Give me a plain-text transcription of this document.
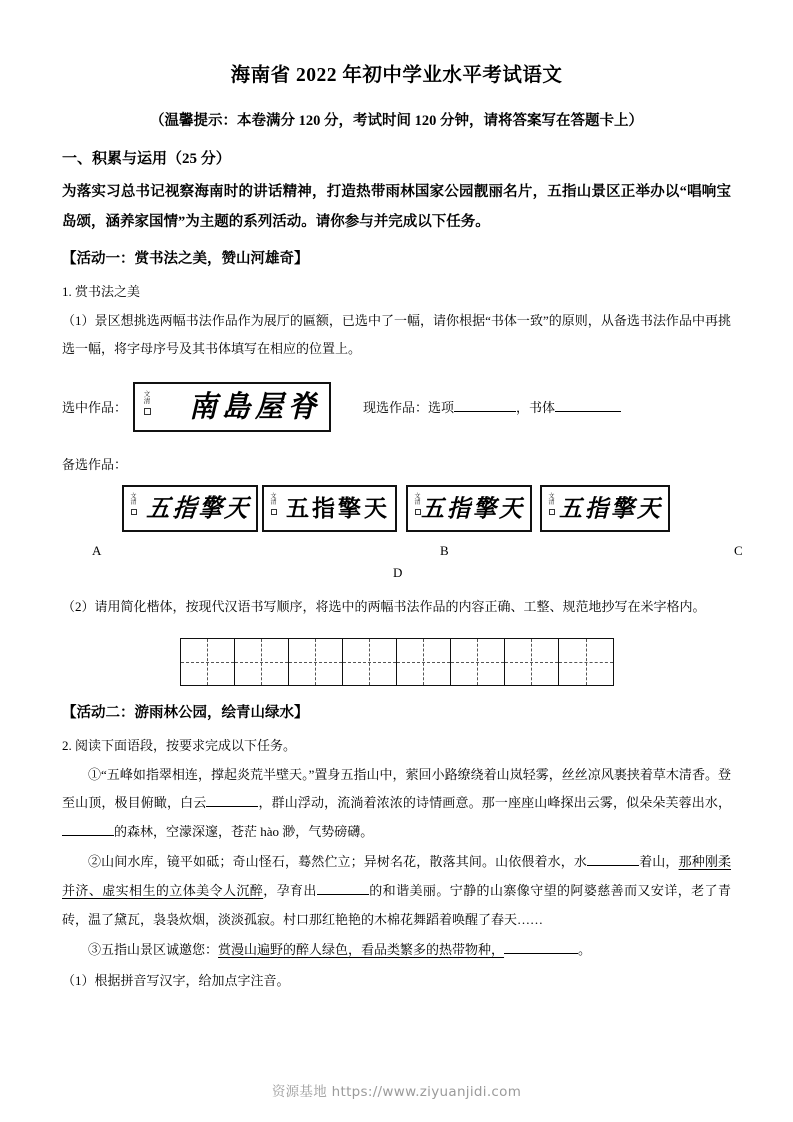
海南省 2022 年初中学业水平考试语文
（温馨提示：本卷满分 120 分，考试时间 120 分钟，请将答案写在答题卡上）
一、积累与运用（25 分）
为落实习总书记视察海南时的讲话精神，打造热带雨林国家公园靓丽名片，五指山景区正举办以“唱响宝岛颂，涵养家国情”为主题的系列活动。请你参与并完成以下任务。
【活动一：赏书法之美，赞山河雄奇】
1. 赏书法之美
（1）景区想挑选两幅书法作品作为展厅的匾额，已选中了一幅，请你根据“书体一致”的原则，从备选书法作品中再挑选一幅，将字母序号及其书体填写在相应的位置上。
选中作品：
文清 南島屋脊	现选作品：选项	，书体
备选作品：
文清 五指擎天	文清 五指擎天	文清 五指擎天	文清 五指擎天
A	B	C
D
（2）请用简化楷体，按现代汉语书写顺序，将选中的两幅书法作品的内容正确、工整、规范地抄写在米字格内。
【活动二：游雨林公园，绘青山绿水】
2. 阅读下面语段，按要求完成以下任务。
①“五峰如指翠相连，撑起炎荒半壁天。”置身五指山中，萦回小路缭绕着山岚轻雾，丝丝凉风裹挟着草木清香。登至山顶，极目俯瞰，白云	，群山浮动，流淌着浓浓的诗情画意。那一座座山峰探出云雾，似朵朵芙蓉出水，的森林，空濛深邃，苍茫 hào 渺，气势磅礴。
②山间水库，镜平如砥；奇山怪石，蓦然伫立；异树名花，散落其间。山依偎着水，水	着山，那种刚柔并济、虚实相生的立体美令人沉醉，孕育出	的和谐美丽。宁静的山寨像守望的阿婆慈善而又安详，老了青砖，温了黛瓦，袅袅炊烟，淡淡孤寂。村口那红艳艳的木棉花舞蹈着唤醒了春天……
③五指山景区诚邀您：赏漫山遍野的醉人绿色，看品类繁多的热带物种，	。
（1）根据拼音写汉字，给加点字注音。
资源基地 https://www.ziyuanjidi.com
